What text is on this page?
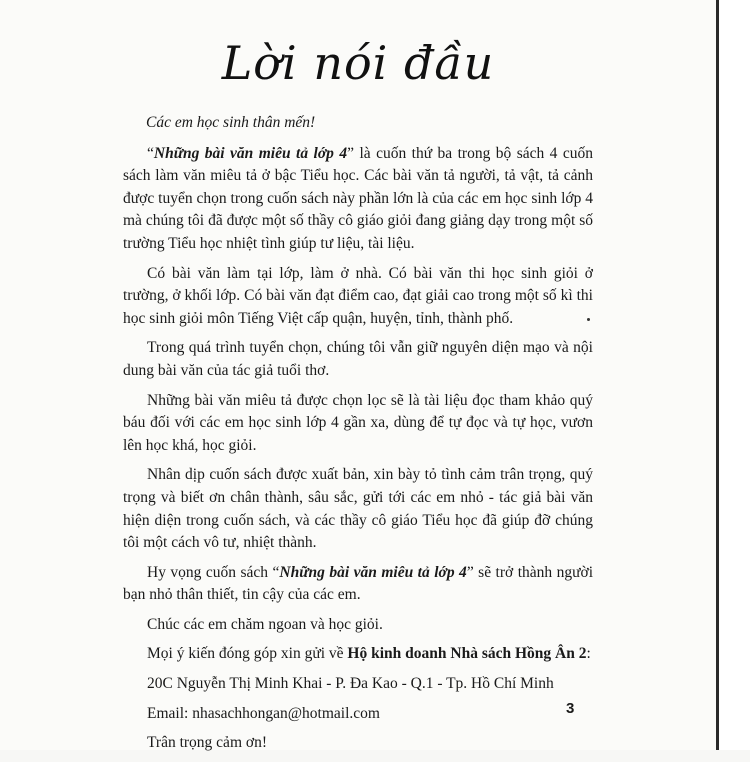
Lời nói đầu

Các em học sinh thân mến!

“Những bài văn miêu tả lớp 4” là cuốn thứ ba trong bộ sách 4 cuốn sách làm văn miêu tả ở bậc Tiểu học. Các bài văn tả người, tả vật, tả cảnh được tuyển chọn trong cuốn sách này phần lớn là của các em học sinh lớp 4 mà chúng tôi đã được một số thầy cô giáo giỏi đang giảng dạy trong một số trường Tiểu học nhiệt tình giúp tư liệu, tài liệu.

Có bài văn làm tại lớp, làm ở nhà. Có bài văn thi học sinh giỏi ở trường, ở khối lớp. Có bài văn đạt điểm cao, đạt giải cao trong một số kì thi học sinh giỏi môn Tiếng Việt cấp quận, huyện, tỉnh, thành phố.

Trong quá trình tuyển chọn, chúng tôi vẫn giữ nguyên diện mạo và nội dung bài văn của tác giả tuổi thơ.

Những bài văn miêu tả được chọn lọc sẽ là tài liệu đọc tham khảo quý báu đối với các em học sinh lớp 4 gần xa, dùng để tự đọc và tự học, vươn lên học khá, học giỏi.

Nhân dịp cuốn sách được xuất bản, xin bày tỏ tình cảm trân trọng, quý trọng và biết ơn chân thành, sâu sắc, gửi tới các em nhỏ - tác giả bài văn hiện diện trong cuốn sách, và các thầy cô giáo Tiểu học đã giúp đỡ chúng tôi một cách vô tư, nhiệt thành.

Hy vọng cuốn sách “Những bài văn miêu tả lớp 4” sẽ trở thành người bạn nhỏ thân thiết, tin cậy của các em.

Chúc các em chăm ngoan và học giỏi.

Mọi ý kiến đóng góp xin gửi về Hộ kinh doanh Nhà sách Hồng Ân 2:

20C Nguyễn Thị Minh Khai - P. Đa Kao - Q.1 - Tp. Hồ Chí Minh

Email: nhasachhongan@hotmail.com

Trân trọng cảm ơn!

3
